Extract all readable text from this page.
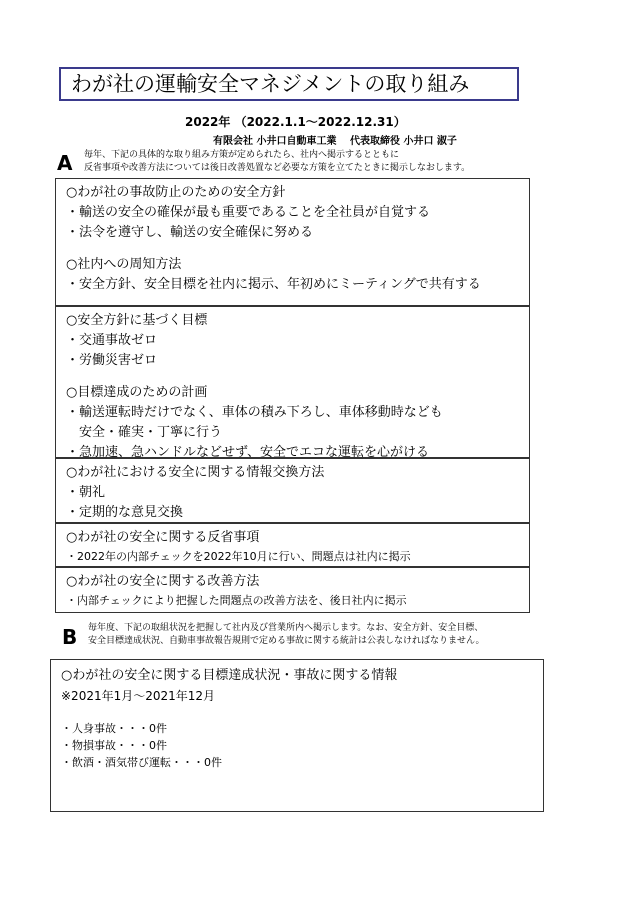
わが社の運輸安全マネジメントの取り組み
2022年 （2022.1.1～2022.12.31）
有限会社 小井口自動車工業 代表取締役 小井口 淑子
A 毎年、下記の具体的な取り組み方策が定められたら、社内へ掲示するとともに
反省事項や改善方法については後日改善処置など必要な方策を立てたときに掲示しなおします。
○わが社の事故防止のための安全方針
・輸送の安全の確保が最も重要であることを全社員が自覚する
・法令を遵守し、輸送の安全確保に努める
○社内への周知方法
・安全方針、安全目標を社内に掲示、年初めにミーティングで共有する
○安全方針に基づく目標
・交通事故ゼロ
・労働災害ゼロ
○目標達成のための計画
・輸送運転時だけでなく、車体の積み下ろし、車体移動時なども
　安全・確実・丁寧に行う
・急加速、急ハンドルなどせず、安全でエコな運転を心がける
○わが社における安全に関する情報交換方法
・朝礼
・定期的な意見交換
○わが社の安全に関する反省事項
・2022年の内部チェックを2022年10月に行い、問題点は社内に掲示
○わが社の安全に関する改善方法
・内部チェックにより把握した問題点の改善方法を、後日社内に掲示
B 毎年度、下記の取組状況を把握して社内及び営業所内へ掲示します。なお、安全方針、安全目標、
安全目標達成状況、自動車事故報告規則で定める事故に関する統計は公表しなければなりません。
○わが社の安全に関する目標達成状況・事故に関する情報
※2021年1月～2021年12月
・人身事故・・・0件
・物損事故・・・0件
・飲酒・酒気帯び運転・・・0件
